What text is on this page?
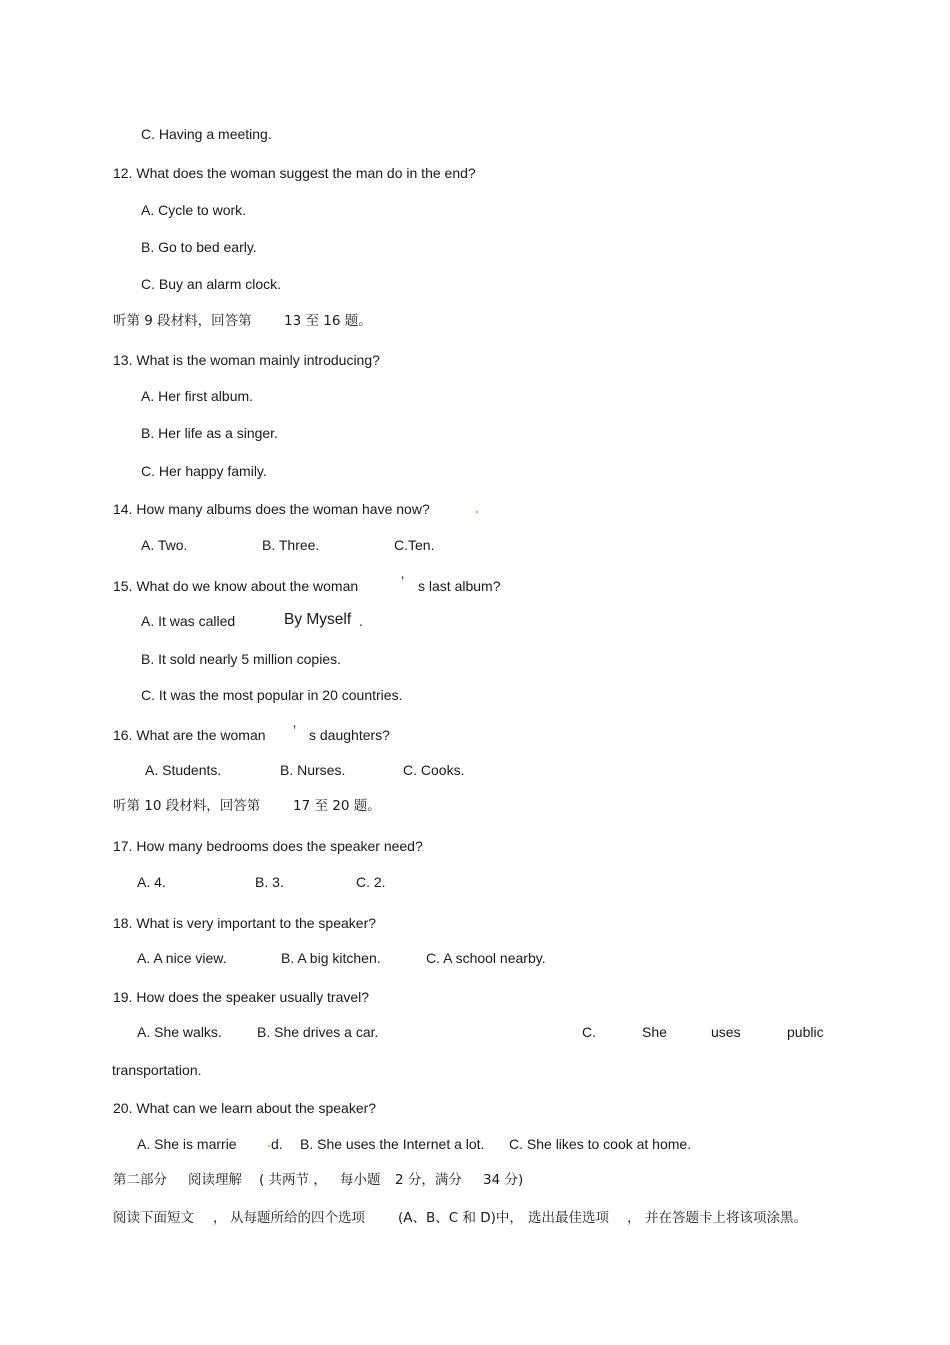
C. Having a meeting.
12. What does the woman suggest the man do in the end?
A. Cycle to work.
B. Go to bed early.
C. Buy an alarm clock.
听第 9 段材料，回答第 13 至 16 题。
13. What is the woman mainly introducing?
A. Her first album.
B. Her life as a singer.
C. Her happy family.
14. How many albums does the woman have now?
A. Two.	B. Three.	C.Ten.
15. What do we know about the woman	’ s last album?
A. It was called	By Myself .
B. It sold nearly 5 million copies.
C. It was the most popular in 20 countries.
16. What are the woman ’ s daughters?
A. Students.	B. Nurses.	C. Cooks.
听第 10 段材料，回答第 17 至 20 题。
17. How many bedrooms does the speaker need?
A. 4.	B. 3.	C. 2.
18. What is very important to the speaker?
A. A nice view.	B. A big kitchen.	C. A school nearby.
19. How does the speaker usually travel?
A. She walks.	B. She drives a car.	C.	She	uses	public
transportation.
20. What can we learn about the speaker?
A. She is marrie d. B. She uses the Internet a lot. C. She likes to cook at home.
第二部分 阅读理解 ( 共两节 ， 每小题 2 分，满分 34 分)
阅读下面短文 ， 从每题所给的四个选项 (A、B、C 和 D)中， 选出最佳选项 ， 并在答题卡上将该项涂黑。
